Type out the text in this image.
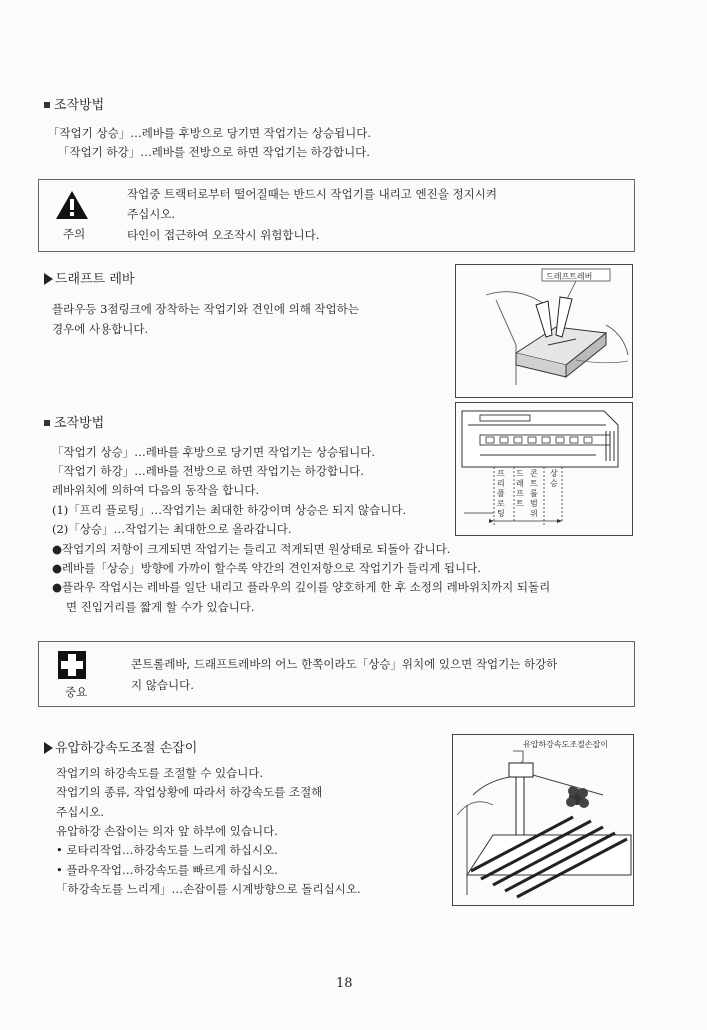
조작방법
「작업기 상승」…레바를 후방으로 당기면 작업기는 상승됩니다.
「작업기 하강」…레바를 전방으로 하면 작업기는 하강합니다.
주의
작업중 트랙터로부터 떨어질때는 반드시 작업기를 내리고 엔진을 정지시켜
주십시오.
타인이 접근하여 오조작시 위험합니다.
드래프트 레바
플라우등 3점링크에 장착하는 작업기와 견인에 의해 작업하는
경우에 사용합니다.
드래프트레버
조작방법
「작업기 상승」…레바를 후방으로 당기면 작업기는 상승됩니다.
「작업기 하강」…레바를 전방으로 하면 작업기는 하강합니다.
레바위치에 의하여 다음의 동작을 합니다.
(1)「프리 플로팅」…작업기는 최대한 하강이며 상승은 되지 않습니다.
(2)「상승」…작업기는 최대한으로 올라갑니다.
●작업기의 저항이 크게되면 작업기는 들리고 적게되면 원상태로 되돌아 갑니다.
●레바를「상승」방향에 가까이 할수록 약간의 견인저항으로 작업기가 들리게 됩니다.
●플라우 작업시는 레바를 일단 내리고 플라우의 깊이를 양호하게 한 후 소정의 레바위치까지 되돌리
면 진입거리를 짧게 할 수가 있습니다.
프리플로팅
드래프트
콘트롤범위
상승
중요
콘트롤레바, 드래프트레바의 어느 한쪽이라도「상승」위치에 있으면 작업기는 하강하
지 않습니다.
유압하강속도조절 손잡이
작업기의 하강속도를 조절할 수 있습니다.
작업기의 종류, 작업상황에 따라서 하강속도를 조절해
주십시오.
유압하강 손잡이는 의자 앞 하부에 있습니다.
• 로타리작업…하강속도를 느리게 하십시오.
• 플라우작업…하강속도를 빠르게 하십시오.
「하강속도를 느리게」…손잡이를 시계방향으로 돌리십시오.
유압하강속도조절손잡이
18
